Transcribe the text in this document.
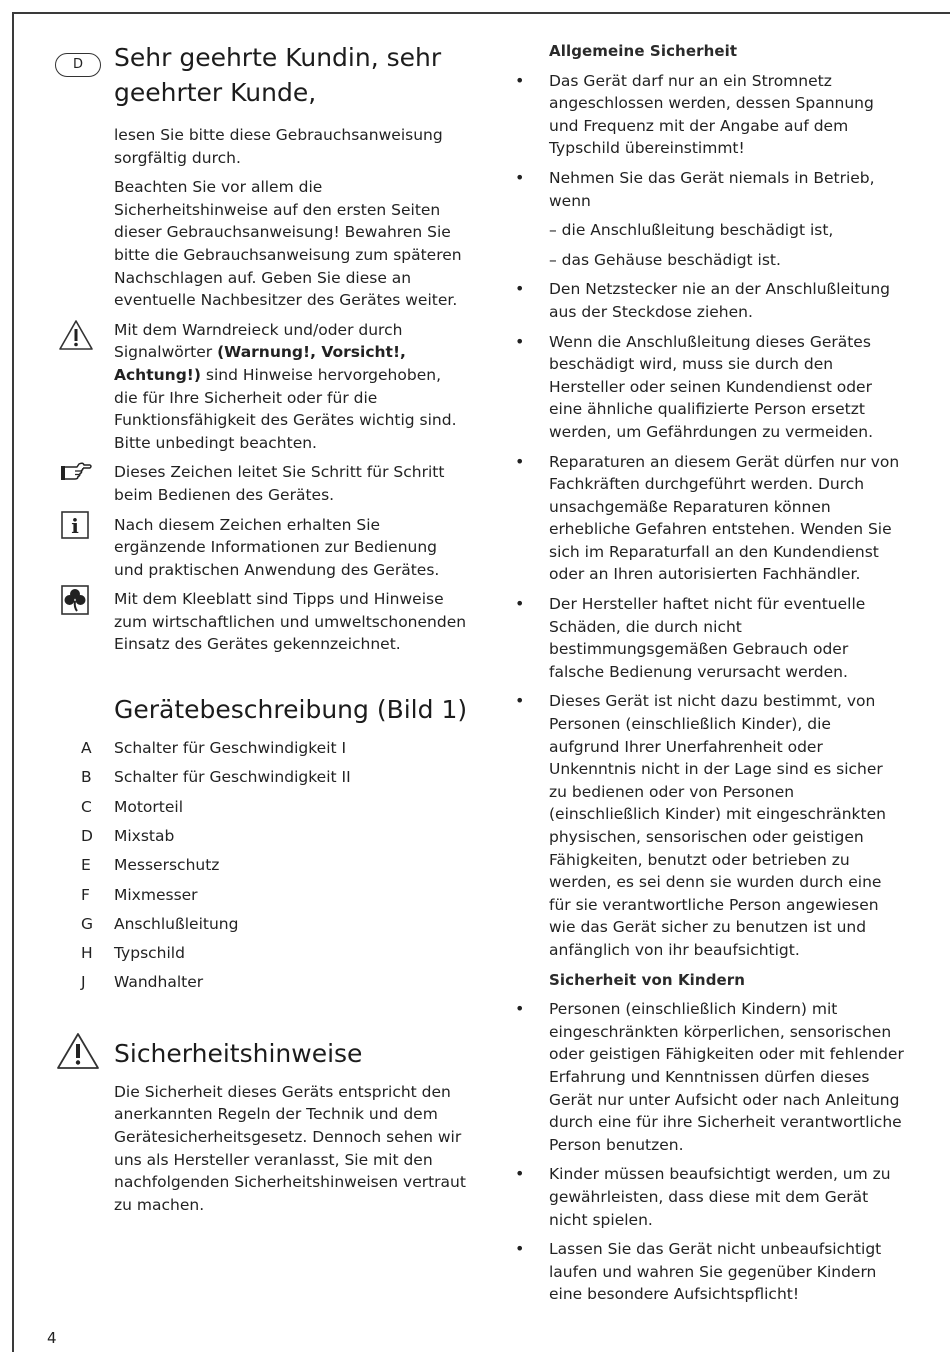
D	Sehr geehrte Kundin, sehr geehrter Kunde,
lesen Sie bitte diese Gebrauchsanweisung sorgfältig durch.
Beachten Sie vor allem die Sicherheitshinweise auf den ersten Seiten dieser Gebrauchsanweisung! Bewahren Sie bitte die Gebrauchsanweisung zum späteren Nachschlagen auf. Geben Sie diese an eventuelle Nachbesitzer des Gerätes weiter.
Mit dem Warndreieck und/oder durch Signalwörter (Warnung!, Vorsicht!, Achtung!) sind Hinweise hervorgehoben, die für Ihre Sicherheit oder für die Funktionsfähigkeit des Gerätes wichtig sind. Bitte unbedingt beachten.
Dieses Zeichen leitet Sie Schritt für Schritt beim Bedienen des Gerätes.
i Nach diesem Zeichen erhalten Sie ergänzende Informationen zur Bedienung und praktischen Anwendung des Gerätes.
Mit dem Kleeblatt sind Tipps und Hinweise zum wirtschaftlichen und umweltschonenden Einsatz des Gerätes gekennzeichnet.
Gerätebeschreibung (Bild 1)
A Schalter für Geschwindigkeit I
B Schalter für Geschwindigkeit II
C Motorteil
D Mixstab
E Messerschutz
F Mixmesser
G Anschlußleitung
H Typschild
J Wandhalter
Sicherheitshinweise
Die Sicherheit dieses Geräts entspricht den anerkannten Regeln der Technik und dem Gerätesicherheitsgesetz. Dennoch sehen wir uns als Hersteller veranlasst, Sie mit den nachfolgenden Sicherheitshinweisen vertraut zu machen.
Allgemeine Sicherheit
• Das Gerät darf nur an ein Stromnetz angeschlossen werden, dessen Spannung und Frequenz mit der Angabe auf dem Typschild übereinstimmt!
• Nehmen Sie das Gerät niemals in Betrieb, wenn
– die Anschlußleitung beschädigt ist,
– das Gehäuse beschädigt ist.
• Den Netzstecker nie an der Anschlußleitung aus der Steckdose ziehen.
• Wenn die Anschlußleitung dieses Gerätes beschädigt wird, muss sie durch den Hersteller oder seinen Kundendienst oder eine ähnliche qualifizierte Person ersetzt werden, um Gefährdungen zu vermeiden.
• Reparaturen an diesem Gerät dürfen nur von Fachkräften durchgeführt werden. Durch unsachgemäße Reparaturen können erhebliche Gefahren entstehen. Wenden Sie sich im Reparaturfall an den Kundendienst oder an Ihren autorisierten Fachhändler.
• Der Hersteller haftet nicht für eventuelle Schäden, die durch nicht bestimmungsgemäßen Gebrauch oder falsche Bedienung verursacht werden.
• Dieses Gerät ist nicht dazu bestimmt, von Personen (einschließlich Kinder), die aufgrund Ihrer Unerfahrenheit oder Unkenntnis nicht in der Lage sind es sicher zu bedienen oder von Personen (einschließlich Kinder) mit eingeschränkten physischen, sensorischen oder geistigen Fähigkeiten, benutzt oder betrieben zu werden, es sei denn sie wurden durch eine für sie verantwortliche Person angewiesen wie das Gerät sicher zu benutzen ist und anfänglich von ihr beaufsichtigt.
Sicherheit von Kindern
• Personen (einschließlich Kindern) mit eingeschränkten körperlichen, sensorischen oder geistigen Fähigkeiten oder mit fehlender Erfahrung und Kenntnissen dürfen dieses Gerät nur unter Aufsicht oder nach Anleitung durch eine für ihre Sicherheit verantwortliche Person benutzen.
• Kinder müssen beaufsichtigt werden, um zu gewährleisten, dass diese mit dem Gerät nicht spielen.
• Lassen Sie das Gerät nicht unbeaufsichtigt laufen und wahren Sie gegenüber Kindern eine besondere Aufsichtspflicht!
4
